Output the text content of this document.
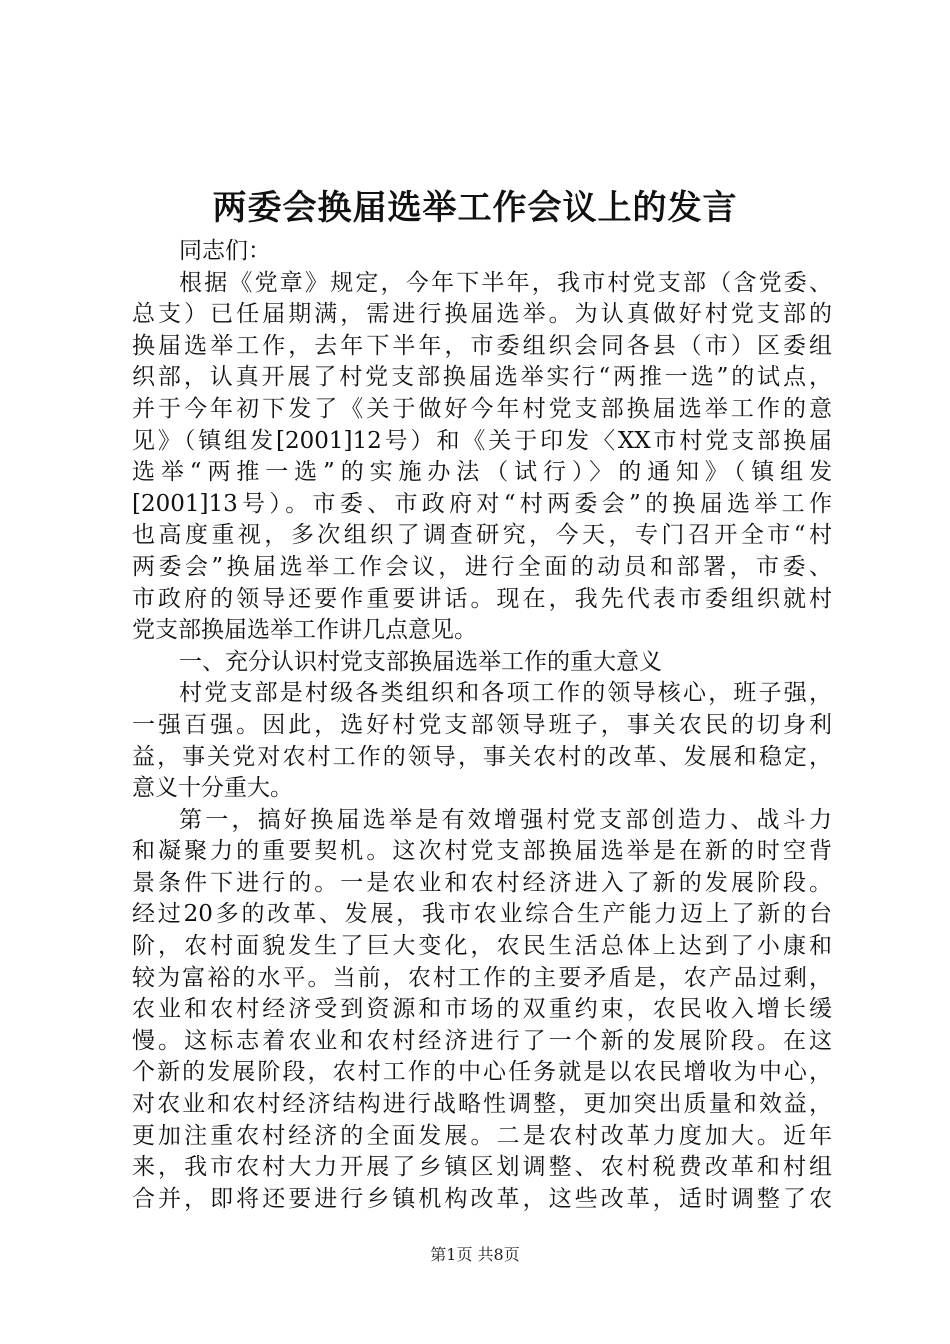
两委会换届选举工作会议上的发言
同志们：
根据《党章》规定，今年下半年，我市村党支部（含党委、
总支）已任届期满，需进行换届选举。为认真做好村党支部的
换届选举工作，去年下半年，市委组织会同各县（市）区委组
织部，认真开展了村党支部换届选举实行“两推一选”的试点，
并于今年初下发了《关于做好今年村党支部换届选举工作的意
见》（镇组发[2001]12号）和《关于印发〈XX市村党支部换届
选举“两推一选”的实施办法（试行）〉的通知》（镇组发
[2001]13号）。市委、市政府对“村两委会”的换届选举工作
也高度重视，多次组织了调查研究，今天，专门召开全市“村
两委会”换届选举工作会议，进行全面的动员和部署，市委、
市政府的领导还要作重要讲话。现在，我先代表市委组织就村
党支部换届选举工作讲几点意见。
一、充分认识村党支部换届选举工作的重大意义
村党支部是村级各类组织和各项工作的领导核心，班子强，
一强百强。因此，选好村党支部领导班子，事关农民的切身利
益，事关党对农村工作的领导，事关农村的改革、发展和稳定，
意义十分重大。
第一，搞好换届选举是有效增强村党支部创造力、战斗力
和凝聚力的重要契机。这次村党支部换届选举是在新的时空背
景条件下进行的。一是农业和农村经济进入了新的发展阶段。
经过20多的改革、发展，我市农业综合生产能力迈上了新的台
阶，农村面貌发生了巨大变化，农民生活总体上达到了小康和
较为富裕的水平。当前，农村工作的主要矛盾是，农产品过剩，
农业和农村经济受到资源和市场的双重约束，农民收入增长缓
慢。这标志着农业和农村经济进行了一个新的发展阶段。在这
个新的发展阶段，农村工作的中心任务就是以农民增收为中心，
对农业和农村经济结构进行战略性调整，更加突出质量和效益，
更加注重农村经济的全面发展。二是农村改革力度加大。近年
来，我市农村大力开展了乡镇区划调整、农村税费改革和村组
合并，即将还要进行乡镇机构改革，这些改革，适时调整了农
第1页 共8页
